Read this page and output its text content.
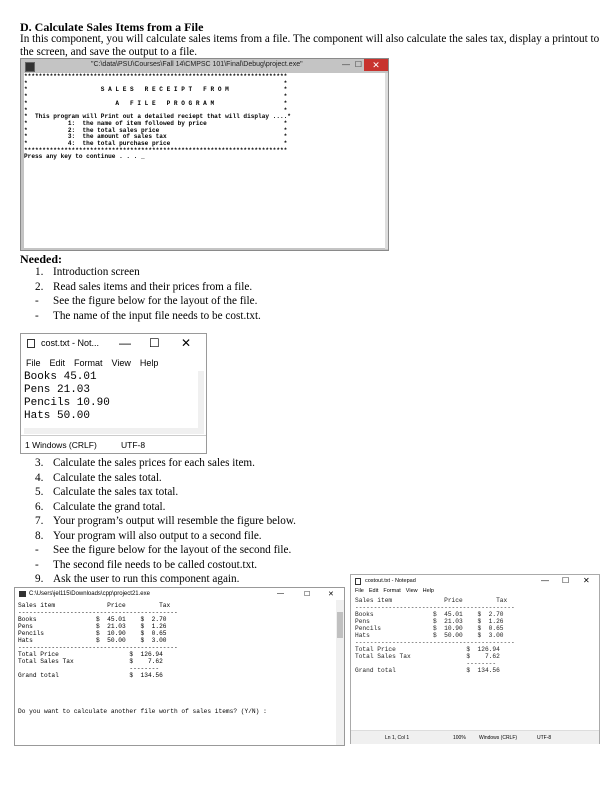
D. Calculate Sales Items from a File
In this component, you will calculate sales items from a file. The component will also calculate the sales tax, display a printout to the screen, and save the output to a file.
"C:\data\PSU\Courses\Fall 14\CMPSC 101\Final\Debug\project.exe"	— ☐	✕
************************************************************************
*                                                                      *
*                    S A L E S   R E C E I P T   F R O M               *
*                                                                      *
*                        A   F I L E   P R O G R A M                   *
*                                                                      *
*  This program will Print out a detailed reciept that will display ....*
*           1:  the name of item followed by price                     *
*           2:  the total sales price                                  *
*           3:  the amount of sales tax                                *
*           4:  the total purchase price                               *
************************************************************************
Press any key to continue . . . _
Needed:
1. Introduction screen
2. Read sales items and their prices from a file.
-	See the figure below for the layout of the file.
-	The name of the input file needs to be cost.txt.
cost.txt - Not... — ☐ ✕
File Edit Format View Help
Books 45.01
Pens 21.03
Pencils 10.90
Hats 50.00
1 Windows (CRLF)	UTF-8
3. Calculate the sales prices for each sales item.
4. Calculate the sales total.
5. Calculate the sales tax total.
6. Calculate the grand total.
7. Your program’s output will resemble the figure below.
8. Your program will also output to a second file.
-	See the figure below for the layout of the second file.
-	The second file needs to be called costout.txt.
9. Ask the user to run this component again.
C:\Users\jel115\Downloads\cpp\project21.exe	—	☐	✕
Sales item              Price         Tax
-------------------------------------------
Books                $  45.01    $  2.70
Pens                 $  21.03    $  1.26
Pencils              $  10.90    $  0.65
Hats                 $  50.00    $  3.00
-------------------------------------------
Total Price                   $  126.94
Total Sales Tax               $    7.62
--------
Grand total                   $  134.56

Do you want to calculate another file worth of sales items? (Y/N) :
costout.txt - Notepad	— ☐ ✕
File Edit Format View Help
Sales item              Price         Tax
-------------------------------------------
Books                $  45.01    $  2.70
Pens                 $  21.03    $  1.26
Pencils              $  10.90    $  0.65
Hats                 $  50.00    $  3.00
-------------------------------------------
Total Price                   $  126.94
Total Sales Tax               $    7.62
--------
Grand total                   $  134.56
Ln 1, Col 1	100%	Windows (CRLF)	UTF-8
